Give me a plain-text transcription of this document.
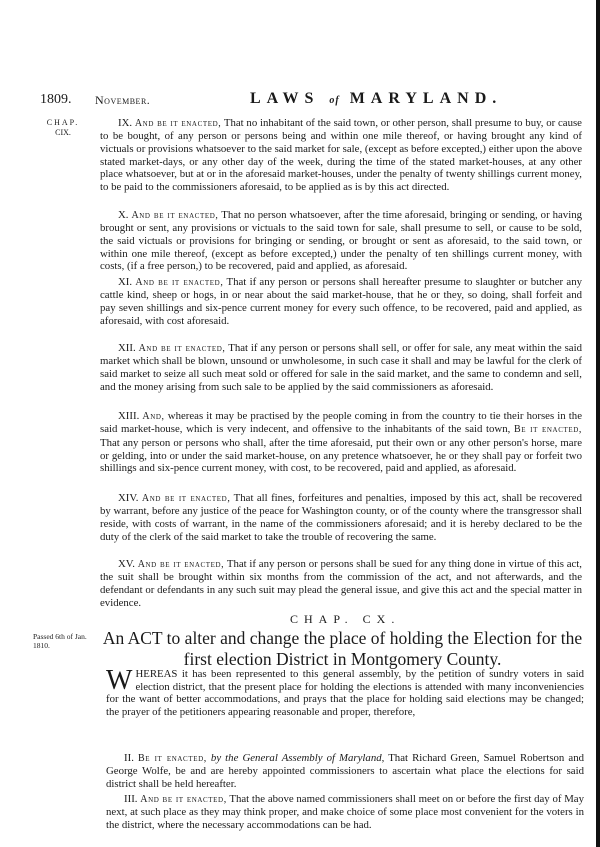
1809. November.	LAWS of MARYLAND.
CHAP.
CIX.

IX. And be it enacted, That no inhabitant of the said town, or other person, shall presume to buy, or cause to be bought, of any person or persons being and within one mile thereof, or having brought any kind of victuals or provisions whatsoever to the said market for sale, (except as before excepted,) either upon the above stated market-days, or any other day of the week, during the time of the stated market-houses, at any other place whatsoever, but at or in the aforesaid market-houses, under the penalty of twenty shillings current money, to be paid to the commissioners aforesaid, to be applied as is by this act directed.

X. And be it enacted, That no person whatsoever, after the time aforesaid, bringing or sending, or having brought or sent, any provisions or victuals to the said town for sale, shall presume to sell, or cause to be sold, the said victuals or provisions for bringing or sending, or brought or sent as aforesaid, to the said town, or within one mile thereof, (except as before excepted,) under the penalty of ten shillings current money, with costs, (if a free person,) to be recovered, paid and applied, as aforesaid.

XI. And be it enacted, That if any person or persons shall hereafter presume to slaughter or butcher any cattle kind, sheep or hogs, in or near about the said market-house, that he or they, so doing, shall forfeit and pay seven shillings and six-pence current money for every such offence, to be recovered, paid and applied, as aforesaid, with cost aforesaid.

XII. And be it enacted, That if any person or persons shall sell, or offer for sale, any meat within the said market which shall be blown, unsound or unwholesome, in such case it shall and may be lawful for the clerk of said market to seize all such meat sold or offered for sale in the said market, and the same to condemn and sell, and the money arising from such sale to be applied by the said commissioners as aforesaid.

XIII. And, whereas it may be practised by the people coming in from the country to tie their horses in the said market-house, which is very indecent, and offensive to the inhabitants of the said town, Be it enacted, That any person or persons who shall, after the time aforesaid, put their own or any other person's horse, mare or gelding, into or under the said market-house, on any pretence whatsoever, he or they shall pay or forfeit two shillings and six-pence current money, with cost, to be recovered, paid and applied, as aforesaid.

XIV. And be it enacted, That all fines, forfeitures and penalties, imposed by this act, shall be recovered by warrant, before any justice of the peace for Washington county, or of the county where the transgressor shall reside, with costs of warrant, in the name of the commissioners aforesaid; and it is hereby declared to be the duty of the clerk of the said market to take the trouble of recovering the same.

XV. And be it enacted, That if any person or persons shall be sued for any thing done in virtue of this act, the suit shall be brought within six months from the commission of the act, and not afterwards, and the defendant or defendants in any such suit may plead the general issue, and give this act and the special matter in evidence.

CHAP. CX.
Passed 6th of Jan. 1810.	An ACT to alter and change the place of holding the Election for the first election District in Montgomery County.
WHEREAS it has been represented to this general assembly, by the petition of sundry voters in said election district, that the present place for holding the elections is attended with many inconveniencies for the want of better accommodations, and prays that the place for holding said elections may be changed; the prayer of the petitioners appearing reasonable and proper, therefore,

II. Be it enacted, by the General Assembly of Maryland, That Richard Green, Samuel Robertson and George Wolfe, be and are hereby appointed commissioners to ascertain what place the elections for said district shall be held hereafter.

III. And be it enacted, That the above named commissioners shall meet on or before the first day of May next, at such place as they may think proper, and make choice of some place most convenient for the voters in the district, where the necessary accommodations can be had.
